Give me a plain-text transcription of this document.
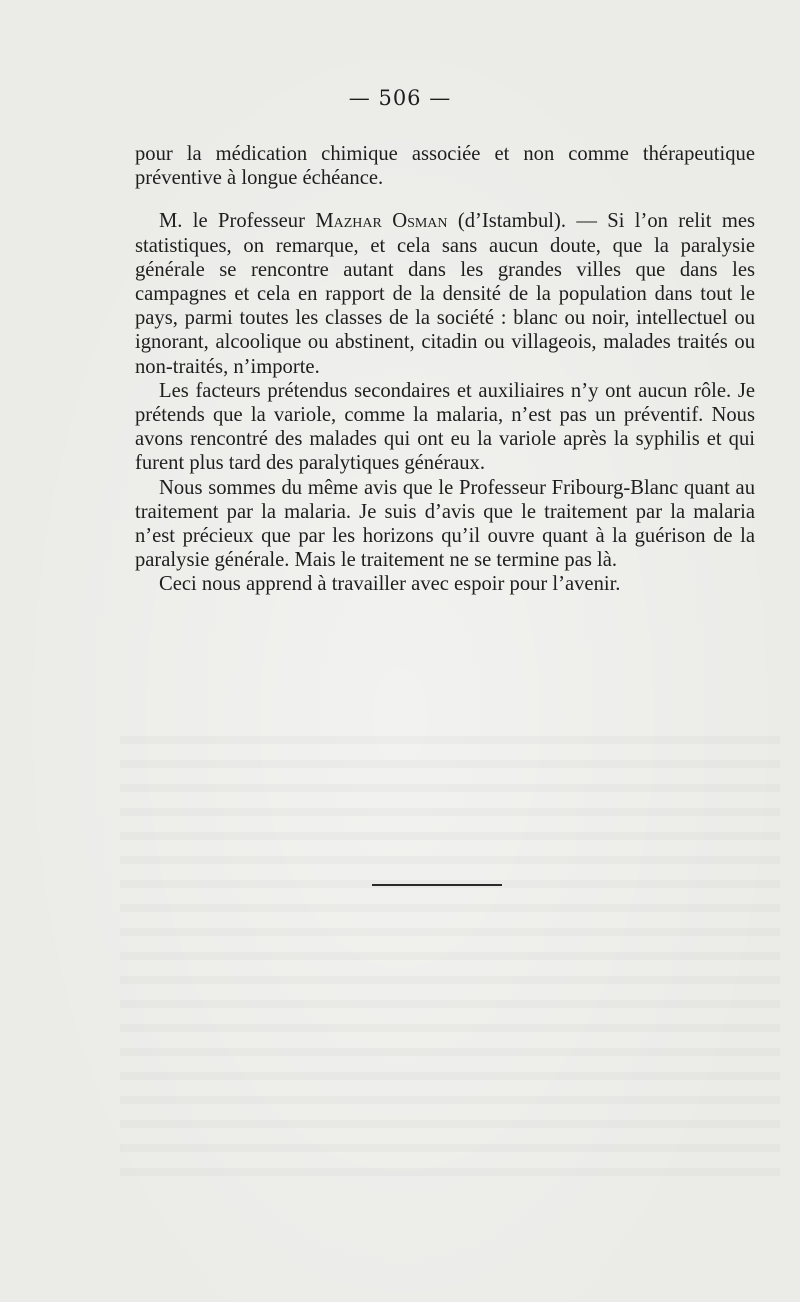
— 506 —

pour la médication chimique associée et non comme thérapeutique préventive à longue échéance.

M. le Professeur Mazhar Osman (d’Istambul). — Si l’on relit mes statistiques, on remarque, et cela sans aucun doute, que la paralysie générale se rencontre autant dans les grandes villes que dans les campagnes et cela en rapport de la densité de la population dans tout le pays, parmi toutes les classes de la société : blanc ou noir, intellectuel ou ignorant, alcoolique ou abstinent, citadin ou villageois, malades traités ou non-traités, n’importe.

Les facteurs prétendus secondaires et auxiliaires n’y ont aucun rôle. Je prétends que la variole, comme la malaria, n’est pas un préventif. Nous avons rencontré des malades qui ont eu la variole après la syphilis et qui furent plus tard des paralytiques généraux.

Nous sommes du même avis que le Professeur Fribourg-Blanc quant au traitement par la malaria. Je suis d’avis que le traitement par la malaria n’est précieux que par les horizons qu’il ouvre quant à la guérison de la paralysie générale. Mais le traitement ne se termine pas là.

Ceci nous apprend à travailler avec espoir pour l’avenir.
